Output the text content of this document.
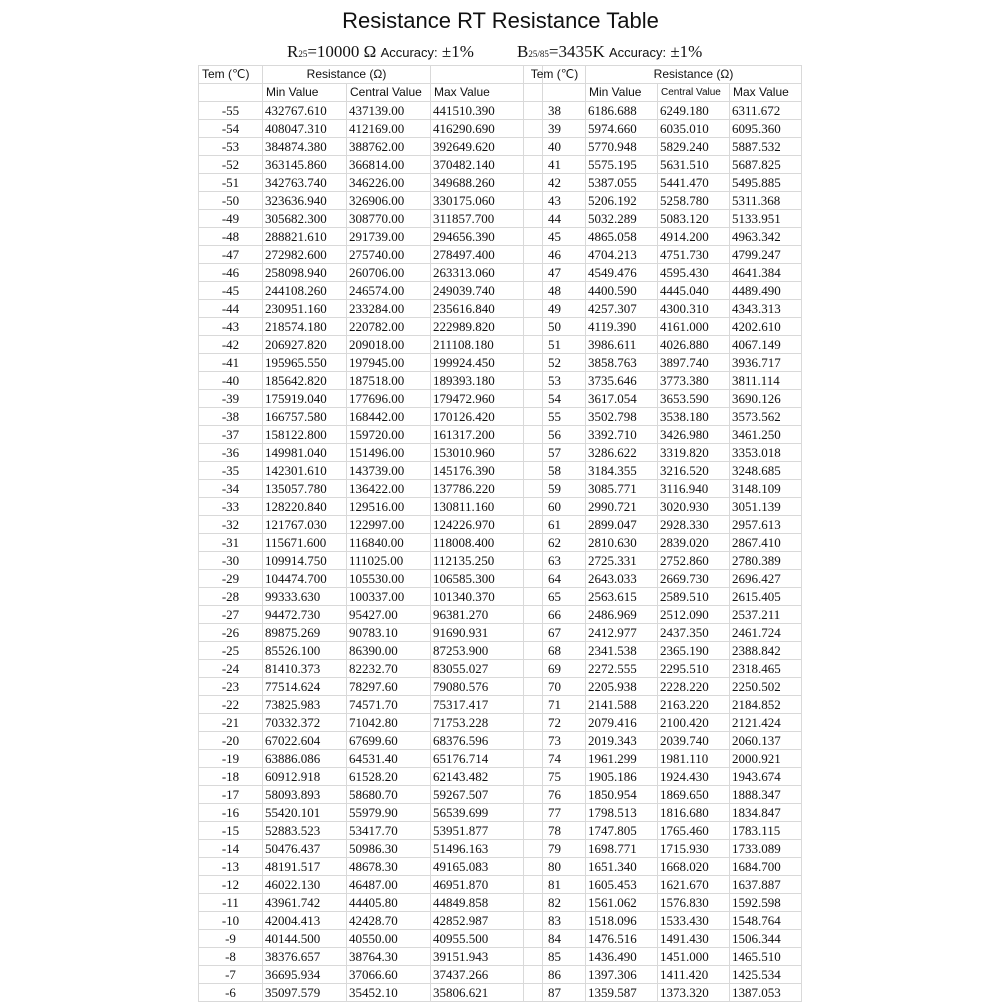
Resistance RT Resistance Table
R25=10000 Ω Accuracy: ±1%	B25/85=3435K Accuracy: ±1%
Tem (℃)	Resistance (Ω)		
	Min Value	Central Value	Max Value
-55	432767.610	437139.00	441510.390
-54	408047.310	412169.00	416290.690
-53	384874.380	388762.00	392649.620
-52	363145.860	366814.00	370482.140
-51	342763.740	346226.00	349688.260
-50	323636.940	326906.00	330175.060
-49	305682.300	308770.00	311857.700
-48	288821.610	291739.00	294656.390
-47	272982.600	275740.00	278497.400
-46	258098.940	260706.00	263313.060
-45	244108.260	246574.00	249039.740
-44	230951.160	233284.00	235616.840
-43	218574.180	220782.00	222989.820
-42	206927.820	209018.00	211108.180
-41	195965.550	197945.00	199924.450
-40	185642.820	187518.00	189393.180
-39	175919.040	177696.00	179472.960
-38	166757.580	168442.00	170126.420
-37	158122.800	159720.00	161317.200
-36	149981.040	151496.00	153010.960
-35	142301.610	143739.00	145176.390
-34	135057.780	136422.00	137786.220
-33	128220.840	129516.00	130811.160
-32	121767.030	122997.00	124226.970
-31	115671.600	116840.00	118008.400
-30	109914.750	111025.00	112135.250
-29	104474.700	105530.00	106585.300
-28	99333.630	100337.00	101340.370
-27	94472.730	95427.00	96381.270
-26	89875.269	90783.10	91690.931
-25	85526.100	86390.00	87253.900
-24	81410.373	82232.70	83055.027
-23	77514.624	78297.60	79080.576
-22	73825.983	74571.70	75317.417
-21	70332.372	71042.80	71753.228
-20	67022.604	67699.60	68376.596
-19	63886.086	64531.40	65176.714
-18	60912.918	61528.20	62143.482
-17	58093.893	58680.70	59267.507
-16	55420.101	55979.90	56539.699
-15	52883.523	53417.70	53951.877
-14	50476.437	50986.30	51496.163
-13	48191.517	48678.30	49165.083
-12	46022.130	46487.00	46951.870
-11	43961.742	44405.80	44849.858
-10	42004.413	42428.70	42852.987
-9	40144.500	40550.00	40955.500
-8	38376.657	38764.30	39151.943
-7	36695.934	37066.60	37437.266
-6	35097.579	35452.10	35806.621
Tem (℃)	Resistance (Ω)		
	Min Value	Central Value	Max Value
38	6186.688	6249.180	6311.672
39	5974.660	6035.010	6095.360
40	5770.948	5829.240	5887.532
41	5575.195	5631.510	5687.825
42	5387.055	5441.470	5495.885
43	5206.192	5258.780	5311.368
44	5032.289	5083.120	5133.951
45	4865.058	4914.200	4963.342
46	4704.213	4751.730	4799.247
47	4549.476	4595.430	4641.384
48	4400.590	4445.040	4489.490
49	4257.307	4300.310	4343.313
50	4119.390	4161.000	4202.610
51	3986.611	4026.880	4067.149
52	3858.763	3897.740	3936.717
53	3735.646	3773.380	3811.114
54	3617.054	3653.590	3690.126
55	3502.798	3538.180	3573.562
56	3392.710	3426.980	3461.250
57	3286.622	3319.820	3353.018
58	3184.355	3216.520	3248.685
59	3085.771	3116.940	3148.109
60	2990.721	3020.930	3051.139
61	2899.047	2928.330	2957.613
62	2810.630	2839.020	2867.410
63	2725.331	2752.860	2780.389
64	2643.033	2669.730	2696.427
65	2563.615	2589.510	2615.405
66	2486.969	2512.090	2537.211
67	2412.977	2437.350	2461.724
68	2341.538	2365.190	2388.842
69	2272.555	2295.510	2318.465
70	2205.938	2228.220	2250.502
71	2141.588	2163.220	2184.852
72	2079.416	2100.420	2121.424
73	2019.343	2039.740	2060.137
74	1961.299	1981.110	2000.921
75	1905.186	1924.430	1943.674
76	1850.954	1869.650	1888.347
77	1798.513	1816.680	1834.847
78	1747.805	1765.460	1783.115
79	1698.771	1715.930	1733.089
80	1651.340	1668.020	1684.700
81	1605.453	1621.670	1637.887
82	1561.062	1576.830	1592.598
83	1518.096	1533.430	1548.764
84	1476.516	1491.430	1506.344
85	1436.490	1451.000	1465.510
86	1397.306	1411.420	1425.534
87	1359.587	1373.320	1387.053
